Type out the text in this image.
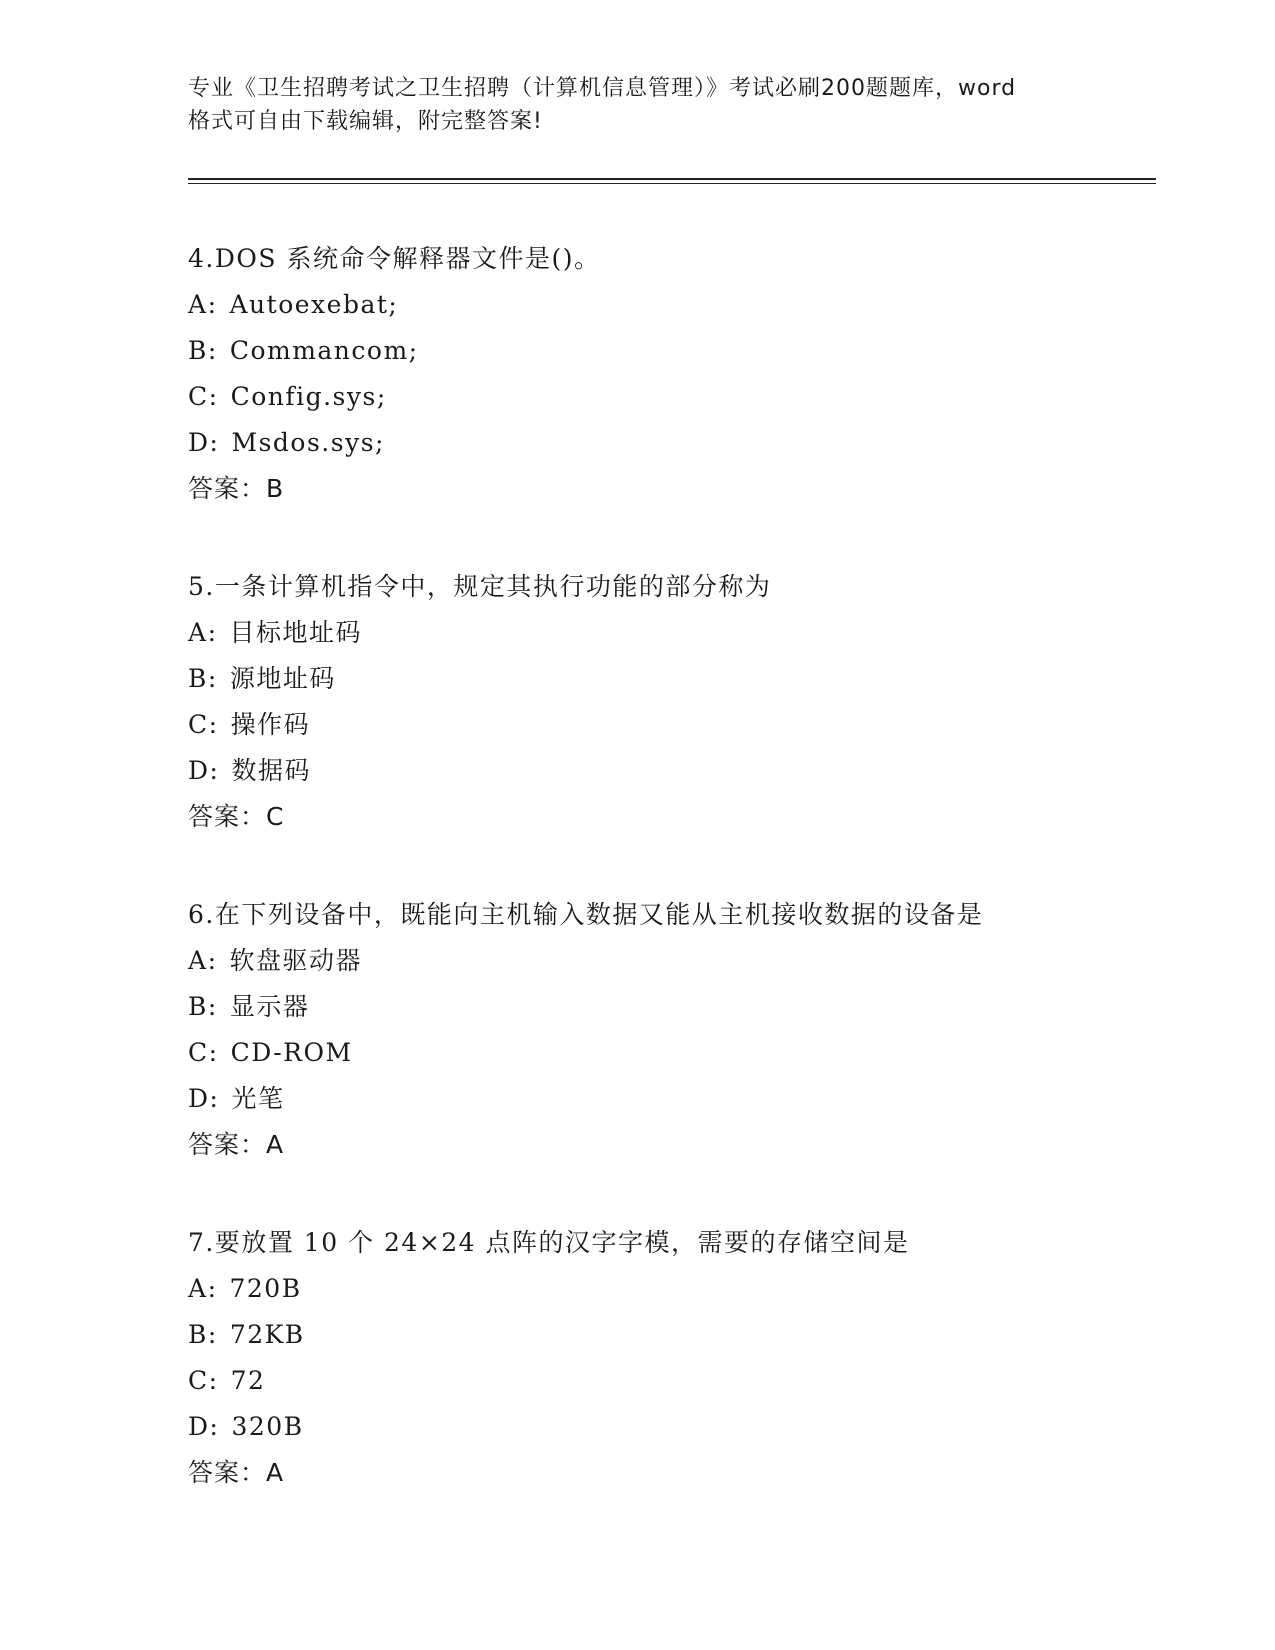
专业《卫生招聘考试之卫生招聘（计算机信息管理）》考试必刷200题题库，word
格式可自由下载编辑，附完整答案!
4.DOS 系统命令解释器文件是()。
A: Autoexebat;
B: Commancom;
C: Config.sys;
D: Msdos.sys;
答案：B
5.一条计算机指令中，规定其执行功能的部分称为
A: 目标地址码
B: 源地址码
C: 操作码
D: 数据码
答案：C
6.在下列设备中，既能向主机输入数据又能从主机接收数据的设备是
A: 软盘驱动器
B: 显示器
C: CD-ROM
D: 光笔
答案：A
7.要放置 10 个 24×24 点阵的汉字字模，需要的存储空间是
A: 720B
B: 72KB
C: 72
D: 320B
答案：A
